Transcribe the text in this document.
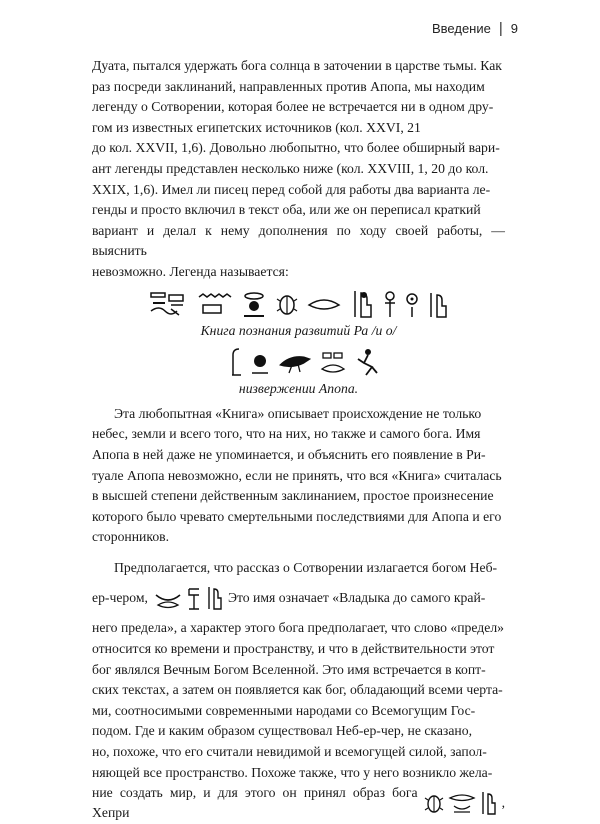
Введение | 9
Дуата, пытался удержать бога солнца в заточении в царстве тьмы. Как
раз посреди заклинаний, направленных против Апопа, мы находим
легенду о Сотворении, которая более не встречается ни в одном дру-
гом из известных египетских источников (кол. XXVI, 21
до кол. XXVII, 1,6). Довольно любопытно, что более обширный вари-
ант легенды представлен несколько ниже (кол. XXVIII, 1, 20 до кол.
XXIX, 1,6). Имел ли писец перед собой для работы два варианта ле-
генды и просто включил в текст оба, или же он переписал краткий
вариант и делал к нему дополнения по ходу своей работы, — выяснить
невозможно. Легенда называется:
Книга познания развитий Ра /и о/
низвержении Апопа.
Эта любопытная «Книга» описывает происхождение не только
небес, земли и всего того, что на них, но также и самого бога. Имя
Апопа в ней даже не упоминается, и объяснить его появление в Ри-
туале Апопа невозможно, если не принять, что вся «Книга» считалась
в высшей степени действенным заклинанием, простое произнесение
которого было чревато смертельными последствиями для Апопа и его
сторонников.
Предполагается, что рассказ о Сотворении излагается богом Неб-
ер-чером,	Это имя означает «Владыка до самого край-
него предела», а характер этого бога предполагает, что слово «предел»
относится ко времени и пространству, и что в действительности этот
бог являлся Вечным Богом Вселенной. Это имя встречается в копт-
ских текстах, а затем он появляется как бог, обладающий всеми черта-
ми, соотносимыми современными народами со Всемогущим Гос-
подом. Где и каким образом существовал Неб-ер-чер, не сказано,
но, похоже, что его считали невидимой и всемогущей силой, запол-
няющей все пространство. Похоже также, что у него возникло жела-
ние создать мир, и для этого он принял образ бога Хепри
,
